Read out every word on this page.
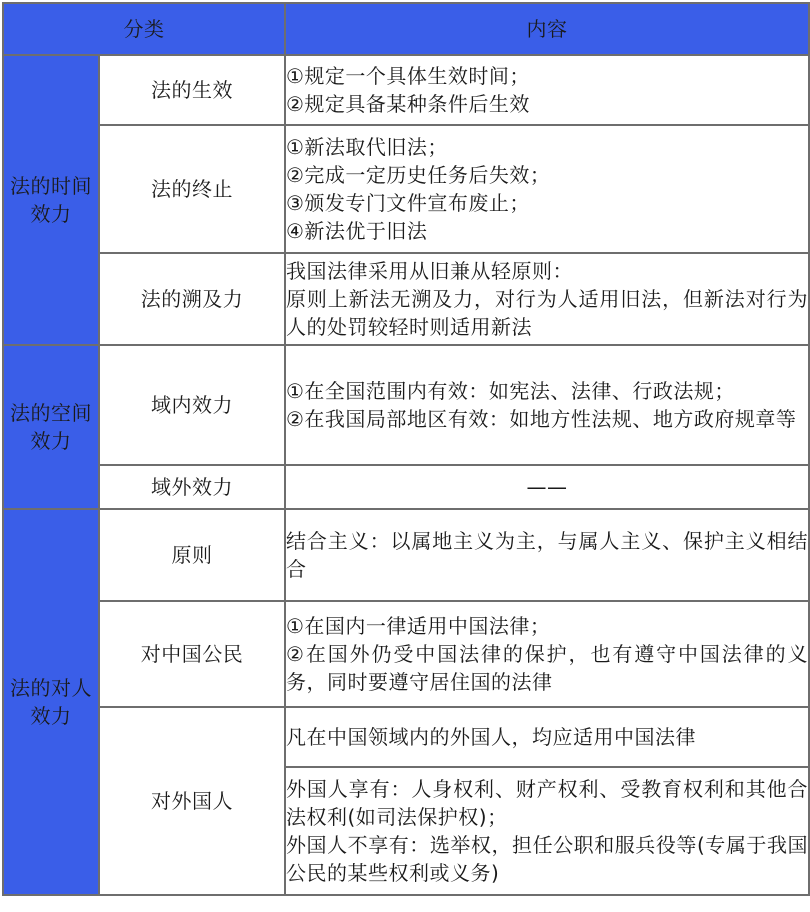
分类		内容
法的时间效力	法的生效	①规定一个具体生效时间；
②规定具备某种条件后生效

	法的终止	①新法取代旧法；
②完成一定历史任务后失效；
③颁发专门文件宣布废止；
④新法优于旧法

	法的溯及力	我国法律采用从旧兼从轻原则：
原则上新法无溯及力，对行为人适用旧法，但新法对行为人的处罚较轻时则适用新法

法的空间效力	域内效力	①在全国范围内有效：如宪法、法律、行政法规；
②在我国局部地区有效：如地方性法规、地方政府规章等

	域外效力	——
法的对人效力	原则	结合主义：以属地主义为主，与属人主义、保护主义相结合

	对中国公民	①在国内一律适用中国法律；
②在国外仍受中国法律的保护，也有遵守中国法律的义务，同时要遵守居住国的法律

	对外国人	凡在中国领域内的外国人，均应适用中国法律

		外国人享有：人身权利、财产权利、受教育权利和其他合法权利(如司法保护权)；
外国人不享有：选举权，担任公职和服兵役等(专属于我国公民的某些权利或义务)
